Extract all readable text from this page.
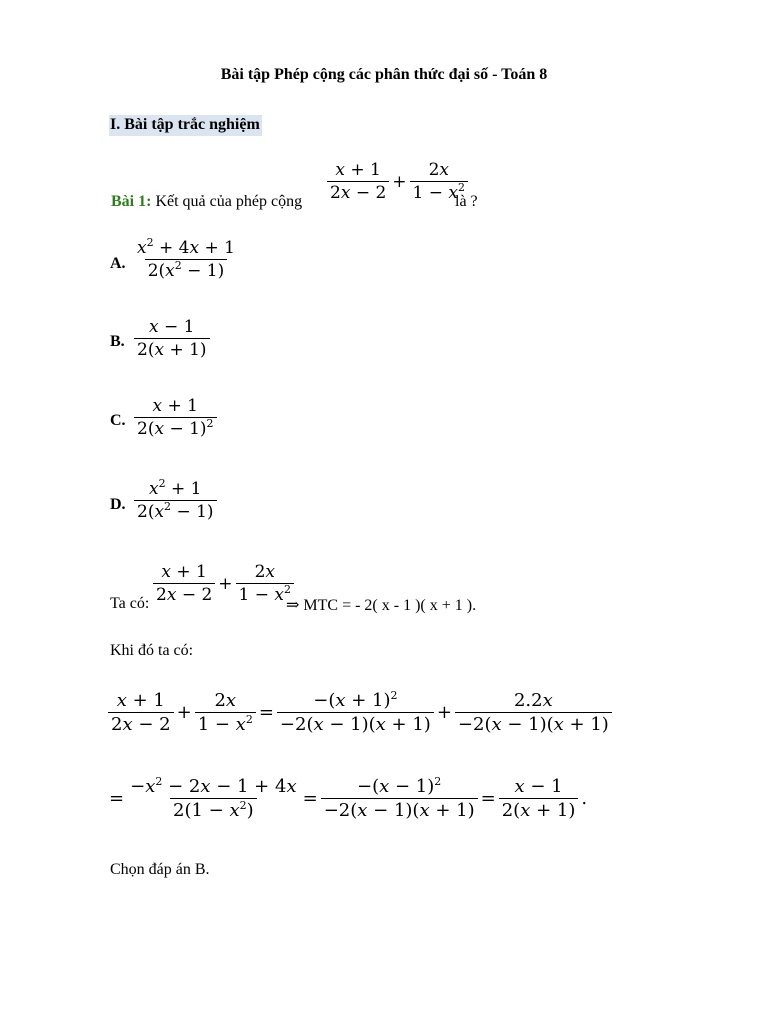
Bài tập Phép cộng các phân thức đại số - Toán 8
I. Bài tập trắc nghiệm
Bài 1: Kết quả của phép cộng $\frac{x + 1}{2x - 2} + \frac{2x}{1 - x^2}$
là ?
A. $\frac{x^2 + 4x + 1}{2(x^2 - 1)}$
B. $\frac{x - 1}{2(x + 1)}$
C. $\frac{x + 1}{2(x - 1)^2}$
D. $\frac{x^2 + 1}{2(x^2 - 1)}$
Ta có: $\frac{x + 1}{2x - 2} + \frac{2x}{1 - x^2}$
⇒ MTC = - 2( x - 1 )( x + 1 ).
Khi đó ta có:
$\frac{x + 1}{2x - 2} + \frac{2x}{1 - x^2} = \frac{-(x + 1)^2}{-2(x - 1)(x + 1)} + \frac{2.2x}{-2(x - 1)(x + 1)}$
= $\frac{-x^2 - 2x - 1 + 4x}{2(1 - x^2)} = \frac{-(x - 1)^2}{-2(x - 1)(x + 1)} = \frac{x - 1}{2(x + 1)}$ .
Chọn đáp án B.
